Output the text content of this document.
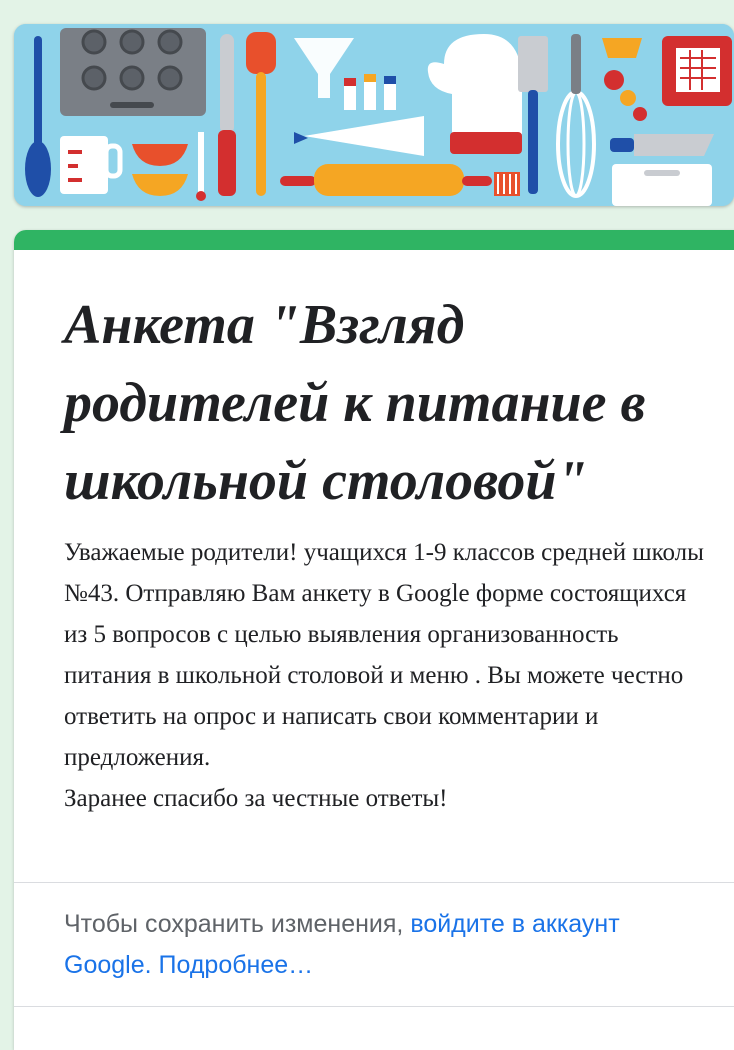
Анкета "Взгляд родителей к питание в школьной столовой"

Уважаемые родители! учащихся 1-9 классов средней школы №43. Отправляю Вам анкету в Google форме состоящихся из 5 вопросов с целью выявления организованность питания в школьной столовой и меню . Вы можете честно ответить на опрос и написать свои комментарии и предложения.

Заранее спасибо за честные ответы!

Чтобы сохранить изменения, войдите в аккаунт Google. Подробнее…
